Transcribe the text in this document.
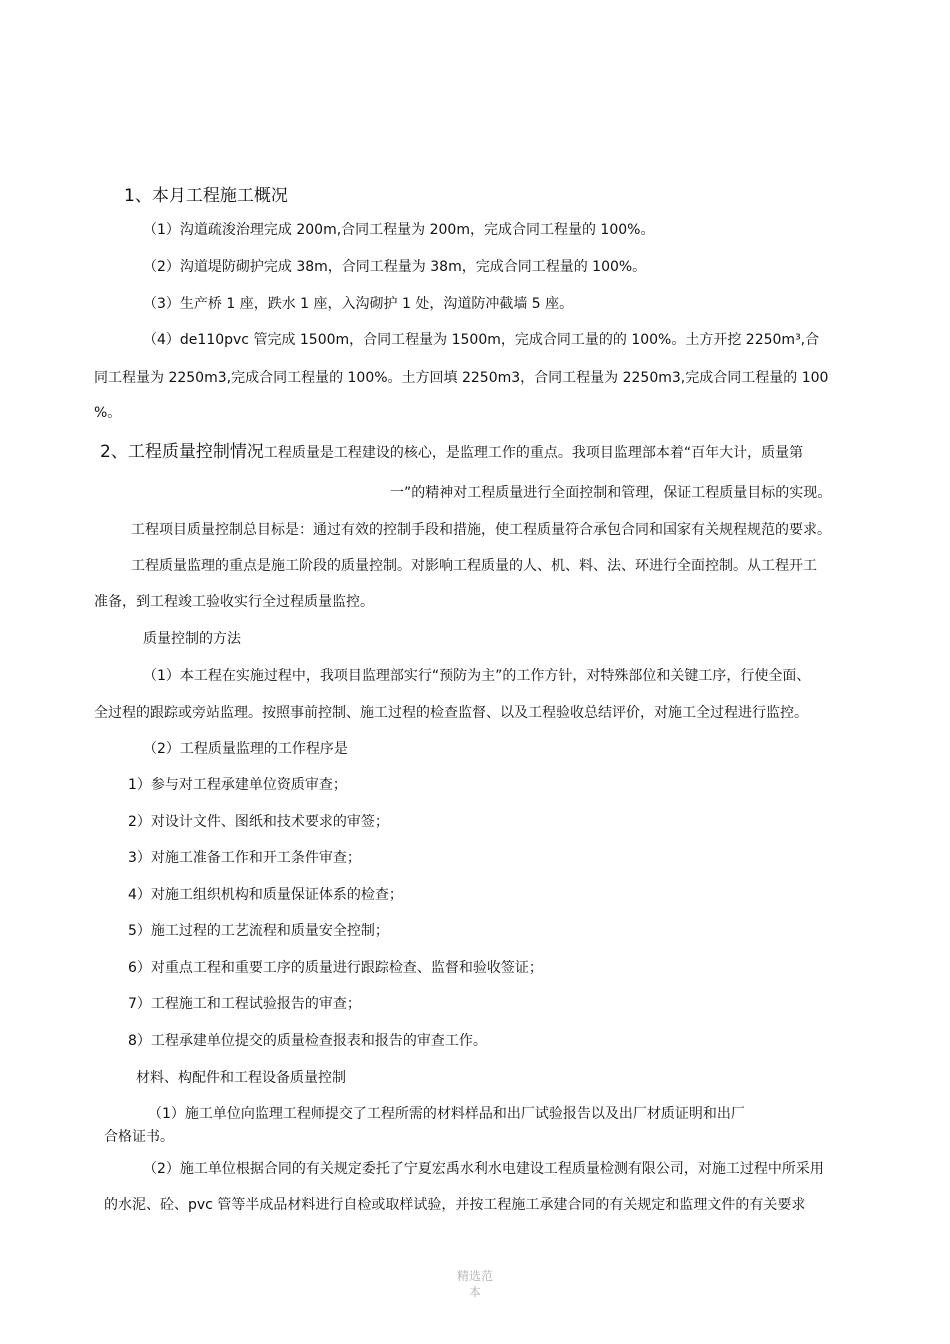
1、本月工程施工概况
（1）沟道疏浚治理完成 200m,合同工程量为 200m，完成合同工程量的 100%。
（2）沟道堤防砌护完成 38m，合同工程量为 38m，完成合同工程量的 100%。
（3）生产桥 1 座，跌水 1 座，入沟砌护 1 处，沟道防冲截墙 5 座。
（4）de110pvc 管完成 1500m，合同工程量为 1500m，完成合同工量的的 100%。土方开挖 2250m³,合
同工程量为 2250m3,完成合同工程量的 100%。土方回填 2250m3，合同工程量为 2250m3,完成合同工程量的 100
%。
2、工程质量控制情况工程质量是工程建设的核心，是监理工作的重点。我项目监理部本着“百年大计，质量第
一”的精神对工程质量进行全面控制和管理，保证工程质量目标的实现。
工程项目质量控制总目标是：通过有效的控制手段和措施，使工程质量符合承包合同和国家有关规程规范的要求。
工程质量监理的重点是施工阶段的质量控制。对影响工程质量的人、机、料、法、环进行全面控制。从工程开工
准备，到工程竣工验收实行全过程质量监控。
质量控制的方法
（1）本工程在实施过程中，我项目监理部实行“预防为主”的工作方针，对特殊部位和关键工序，行使全面、
全过程的跟踪或旁站监理。按照事前控制、施工过程的检查监督、以及工程验收总结评价，对施工全过程进行监控。
（2）工程质量监理的工作程序是
1）参与对工程承建单位资质审查；
2）对设计文件、图纸和技术要求的审签；
3）对施工准备工作和开工条件审查；
4）对施工组织机构和质量保证体系的检查；
5）施工过程的工艺流程和质量安全控制；
6）对重点工程和重要工序的质量进行跟踪检查、监督和验收签证；
7）工程施工和工程试验报告的审查；
8）工程承建单位提交的质量检查报表和报告的审查工作。
材料、构配件和工程设备质量控制
（1）施工单位向监理工程师提交了工程所需的材料样品和出厂试验报告以及出厂材质证明和出厂
合格证书。
（2）施工单位根据合同的有关规定委托了宁夏宏禹水利水电建设工程质量检测有限公司，对施工过程中所采用
的水泥、砼、pvc 管等半成品材料进行自检或取样试验，并按工程施工承建合同的有关规定和监理文件的有关要求
精选范
本
